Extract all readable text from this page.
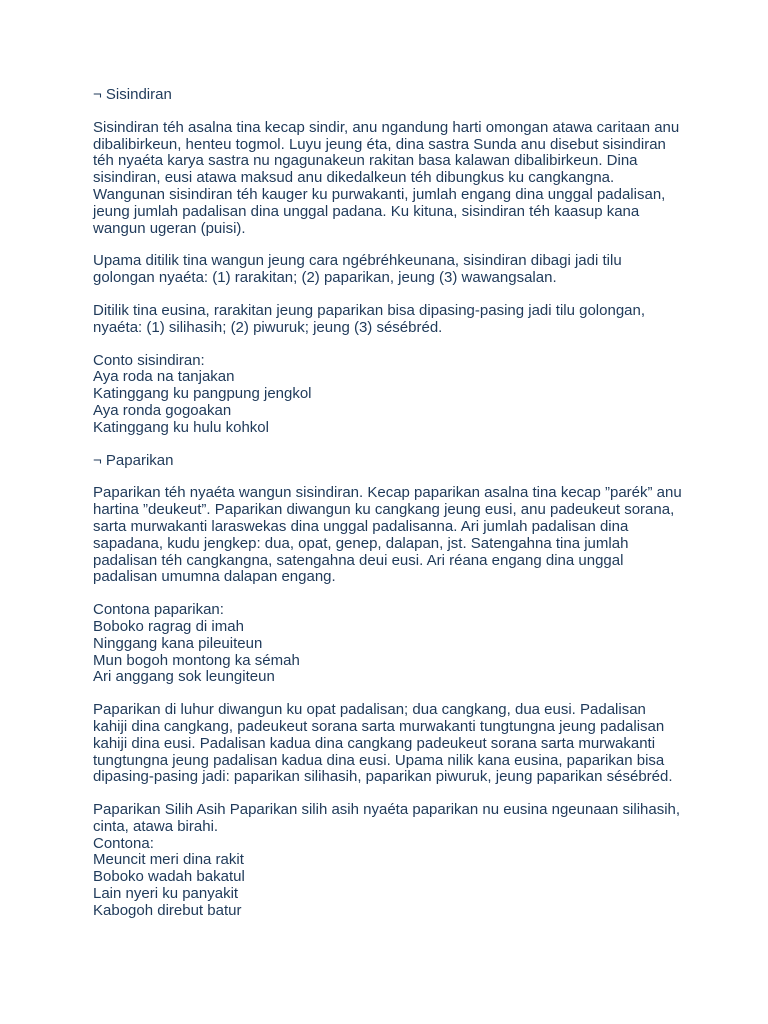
¬ Sisindiran

Sisindiran téh asalna tina kecap sindir, anu ngandung harti omongan atawa caritaan anu dibalibirkeun, henteu togmol. Luyu jeung éta, dina sastra Sunda anu disebut sisindiran téh nyaéta karya sastra nu ngagunakeun rakitan basa kalawan dibalibirkeun. Dina sisindiran, eusi atawa maksud anu dikedalkeun téh dibungkus ku cangkangna. Wangunan sisindiran téh kauger ku purwakanti, jumlah engang dina unggal padalisan, jeung jumlah padalisan dina unggal padana. Ku kituna, sisindiran téh kaasup kana wangun ugeran (puisi).

Upama ditilik tina wangun jeung cara ngébréhkeunana, sisindiran dibagi jadi tilu golongan nyaéta: (1) rarakitan; (2) paparikan, jeung (3) wawangsalan.

Ditilik tina eusina, rarakitan jeung paparikan bisa dipasing-pasing jadi tilu golongan, nyaéta: (1) silihasih; (2) piwuruk; jeung (3) sésébréd.

Conto sisindiran:
Aya roda na tanjakan
Katinggang ku pangpung jengkol
Aya ronda gogoakan
Katinggang ku hulu kohkol

¬ Paparikan

Paparikan téh nyaéta wangun sisindiran. Kecap paparikan asalna tina kecap ”parék” anu hartina ”deukeut”. Paparikan diwangun ku cangkang jeung eusi, anu padeukeut sorana, sarta murwakanti laraswekas dina unggal padalisanna. Ari jumlah padalisan dina sapadana, kudu jengkep: dua, opat, genep, dalapan, jst. Satengahna tina jumlah padalisan téh cangkangna, satengahna deui eusi. Ari réana engang dina unggal padalisan umumna dalapan engang.

Contona paparikan:
Boboko ragrag di imah
Ninggang kana pileuiteun
Mun bogoh montong ka sémah
Ari anggang sok leungiteun

Paparikan di luhur diwangun ku opat padalisan; dua cangkang, dua eusi. Padalisan kahiji dina cangkang, padeukeut sorana sarta murwakanti tungtungna jeung padalisan kahiji dina eusi. Padalisan kadua dina cangkang padeukeut sorana sarta murwakanti tungtungna jeung padalisan kadua dina eusi. Upama nilik kana eusina, paparikan bisa dipasing-pasing jadi: paparikan silihasih, paparikan piwuruk, jeung paparikan sésébréd.

Paparikan Silih Asih Paparikan silih asih nyaéta paparikan nu eusina ngeunaan silihasih, cinta, atawa birahi.
Contona:
Meuncit meri dina rakit
Boboko wadah bakatul
Lain nyeri ku panyakit
Kabogoh direbut batur
